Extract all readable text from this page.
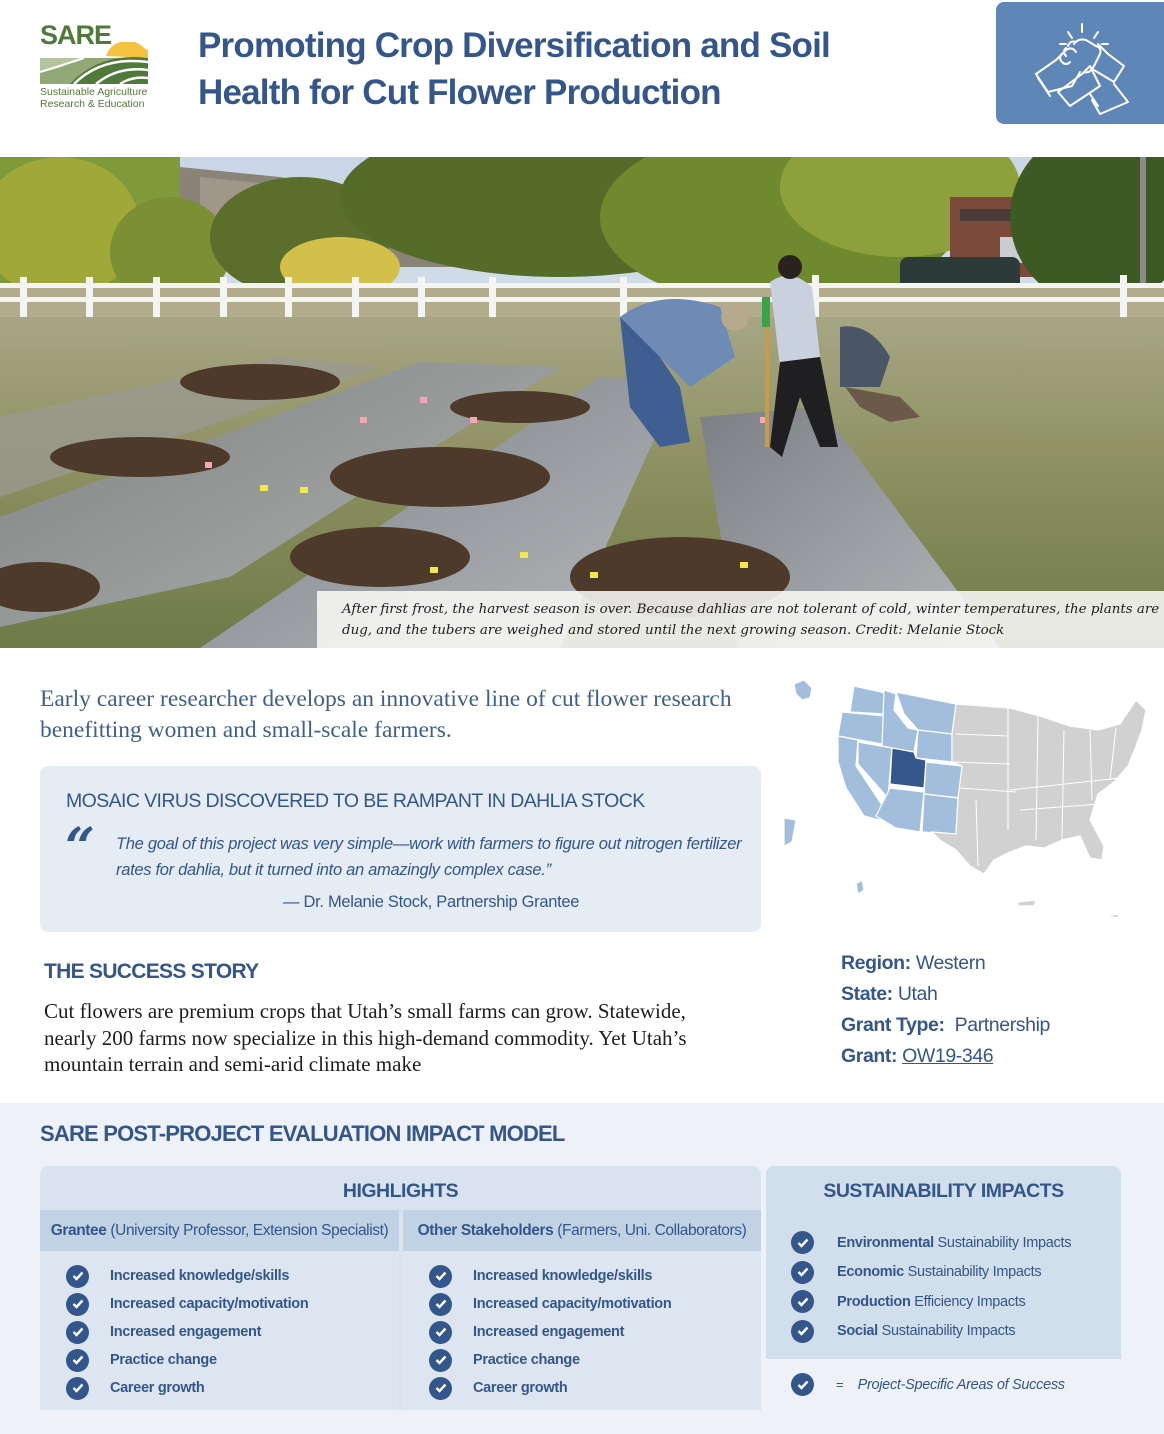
SARE
Sustainable Agriculture
Research & Education
Promoting Crop Diversification and Soil
Health for Cut Flower Production
After first frost, the harvest season is over. Because dahlias are not tolerant of cold, winter temperatures, the plants are dug, and the tubers are weighed and stored until the next growing season. Credit: Melanie Stock
Early career researcher develops an innovative line of cut flower research benefitting women and small-scale farmers.
MOSAIC VIRUS DISCOVERED TO BE RAMPANT IN DAHLIA STOCK
“ The goal of this project was very simple—work with farmers to figure out nitrogen fertilizer rates for dahlia, but it turned into an amazingly complex case.”
— Dr. Melanie Stock, Partnership Grantee
Region: Western
State: Utah
Grant Type: Partnership
Grant: OW19-346
THE SUCCESS STORY
Cut flowers are premium crops that Utah’s small farms can grow. Statewide, nearly 200 farms now specialize in this high-demand commodity. Yet Utah’s mountain terrain and semi-arid climate make
SARE POST-PROJECT EVALUATION IMPACT MODEL
HIGHLIGHTS
Grantee (University Professor, Extension Specialist)
Increased knowledge/skills
Increased capacity/motivation
Increased engagement
Practice change
Career growth
Other Stakeholders (Farmers, Uni. Collaborators)
Increased knowledge/skills
Increased capacity/motivation
Increased engagement
Practice change
Career growth
SUSTAINABILITY IMPACTS
Environmental Sustainability Impacts
Economic Sustainability Impacts
Production Efficiency Impacts
Social Sustainability Impacts
= Project-Specific Areas of Success
